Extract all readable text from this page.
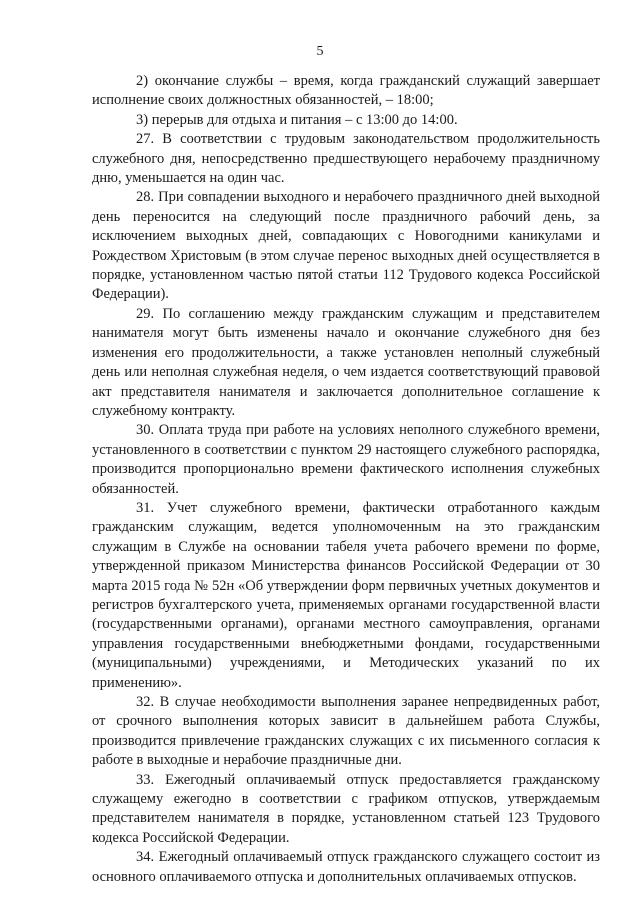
5

2) окончание службы – время, когда гражданский служащий завершает исполнение своих должностных обязанностей, – 18:00;

3) перерыв для отдыха и питания – с 13:00 до 14:00.

27. В соответствии с трудовым законодательством продолжительность служебного дня, непосредственно предшествующего нерабочему праздничному дню, уменьшается на один час.

28. При совпадении выходного и нерабочего праздничного дней выходной день переносится на следующий после праздничного рабочий день, за исключением выходных дней, совпадающих с Новогодними каникулами и Рождеством Христовым (в этом случае перенос выходных дней осуществляется в порядке, установленном частью пятой статьи 112 Трудового кодекса Российской Федерации).

29. По соглашению между гражданским служащим и представителем нанимателя могут быть изменены начало и окончание служебного дня без изменения его продолжительности, а также установлен неполный служебный день или неполная служебная неделя, о чем издается соответствующий правовой акт представителя нанимателя и заключается дополнительное соглашение к служебному контракту.

30. Оплата труда при работе на условиях неполного служебного времени, установленного в соответствии с пунктом 29 настоящего служебного распорядка, производится пропорционально времени фактического исполнения служебных обязанностей.

31. Учет служебного времени, фактически отработанного каждым гражданским служащим, ведется уполномоченным на это гражданским служащим в Службе на основании табеля учета рабочего времени по форме, утвержденной приказом Министерства финансов Российской Федерации от 30 марта 2015 года № 52н «Об утверждении форм первичных учетных документов и регистров бухгалтерского учета, применяемых органами государственной власти (государственными органами), органами местного самоуправления, органами управления государственными внебюджетными фондами, государственными (муниципальными) учреждениями, и Методических указаний по их применению».

32. В случае необходимости выполнения заранее непредвиденных работ, от срочного выполнения которых зависит в дальнейшем работа Службы, производится привлечение гражданских служащих с их письменного согласия к работе в выходные и нерабочие праздничные дни.

33. Ежегодный оплачиваемый отпуск предоставляется гражданскому служащему ежегодно в соответствии с графиком отпусков, утверждаемым представителем нанимателя в порядке, установленном статьей 123 Трудового кодекса Российской Федерации.

34. Ежегодный оплачиваемый отпуск гражданского служащего состоит из основного оплачиваемого отпуска и дополнительных оплачиваемых отпусков.
